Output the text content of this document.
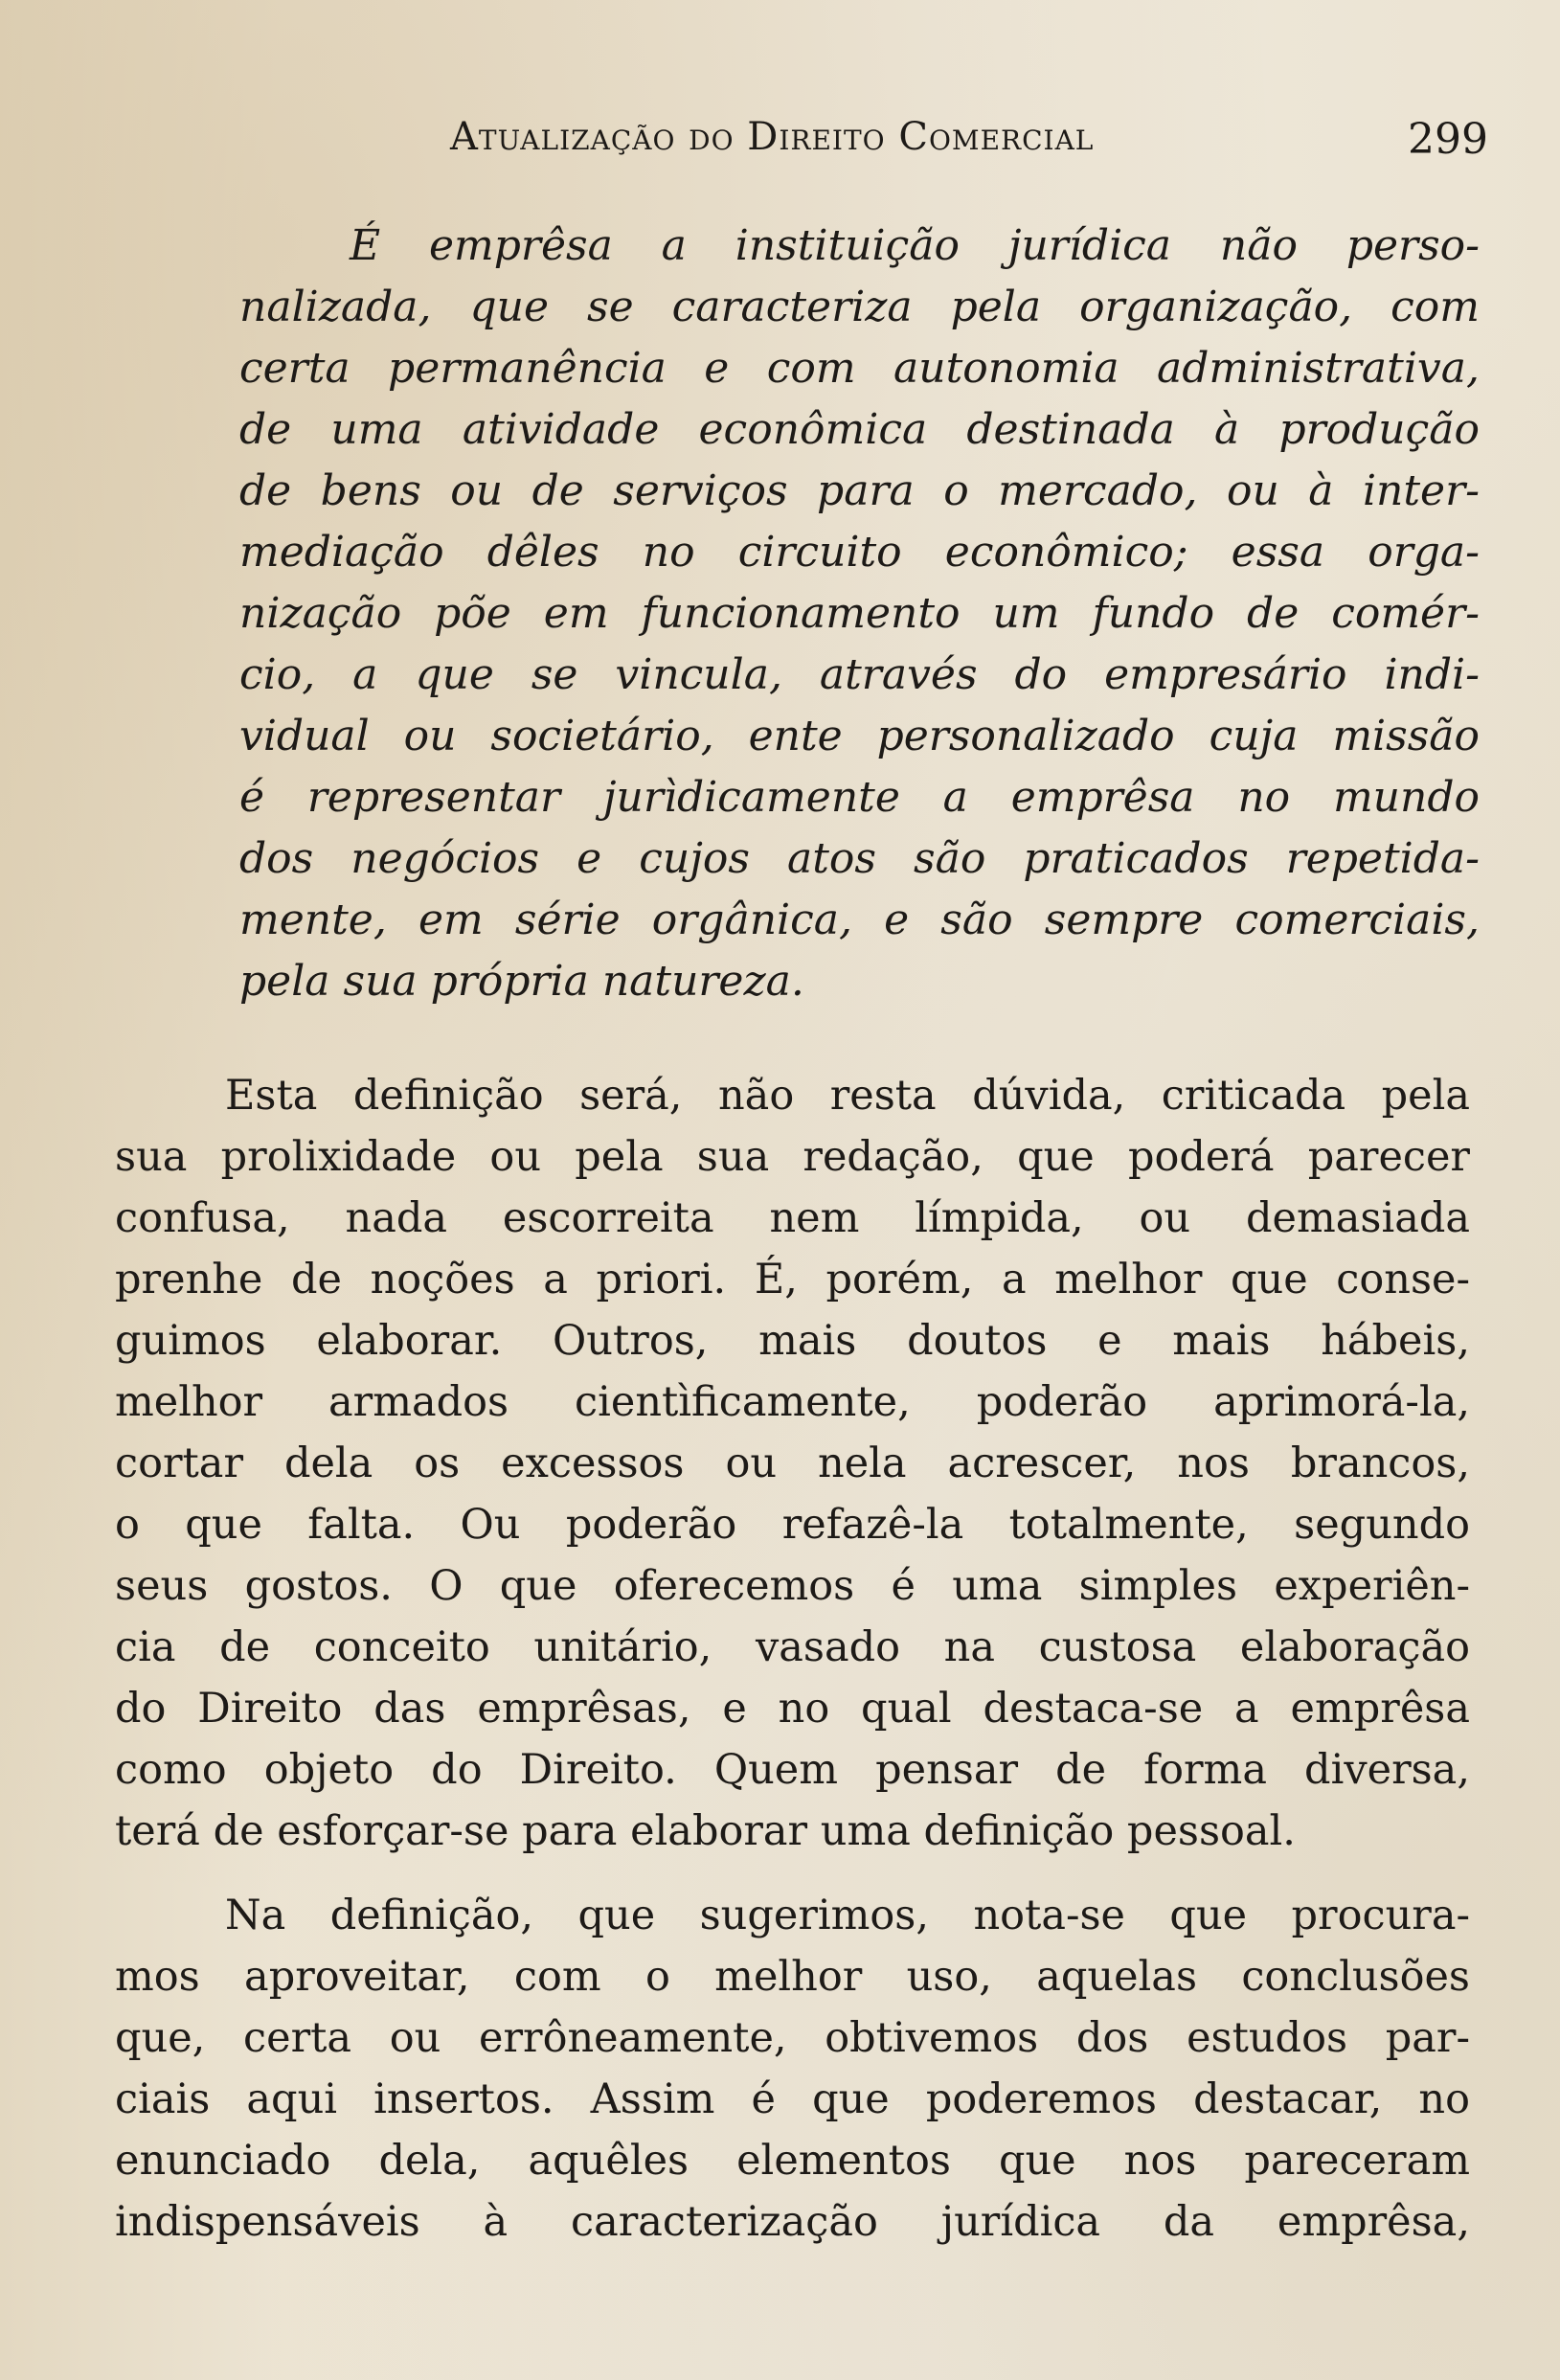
Atualização do Direito Comercial	299
É emprêsa a instituição jurídica não perso-
nalizada, que se caracteriza pela organização, com
certa permanência e com autonomia administrativa,
de uma atividade econômica destinada à produção
de bens ou de serviços para o mercado, ou à inter-
mediação dêles no circuito econômico; essa orga-
nização põe em funcionamento um fundo de comér-
cio, a que se vincula, através do empresário indi-
vidual ou societário, ente personalizado cuja missão
é representar jurìdicamente a emprêsa no mundo
dos negócios e cujos atos são praticados repetida-
mente, em série orgânica, e são sempre comerciais,
pela sua própria natureza.
Esta definição será, não resta dúvida, criticada pela
sua prolixidade ou pela sua redação, que poderá parecer
confusa, nada escorreita nem límpida, ou demasiada
prenhe de noções a priori. É, porém, a melhor que conse-
guimos elaborar. Outros, mais doutos e mais hábeis,
melhor armados cientìficamente, poderão aprimorá-la,
cortar dela os excessos ou nela acrescer, nos brancos,
o que falta. Ou poderão refazê-la totalmente, segundo
seus gostos. O que oferecemos é uma simples experiên-
cia de conceito unitário, vasado na custosa elaboração
do Direito das emprêsas, e no qual destaca-se a emprêsa
como objeto do Direito. Quem pensar de forma diversa,
terá de esforçar-se para elaborar uma definição pessoal.
Na definição, que sugerimos, nota-se que procura-
mos aproveitar, com o melhor uso, aquelas conclusões
que, certa ou errôneamente, obtivemos dos estudos par-
ciais aqui insertos. Assim é que poderemos destacar, no
enunciado dela, aquêles elementos que nos pareceram
indispensáveis à caracterização jurídica da emprêsa,
